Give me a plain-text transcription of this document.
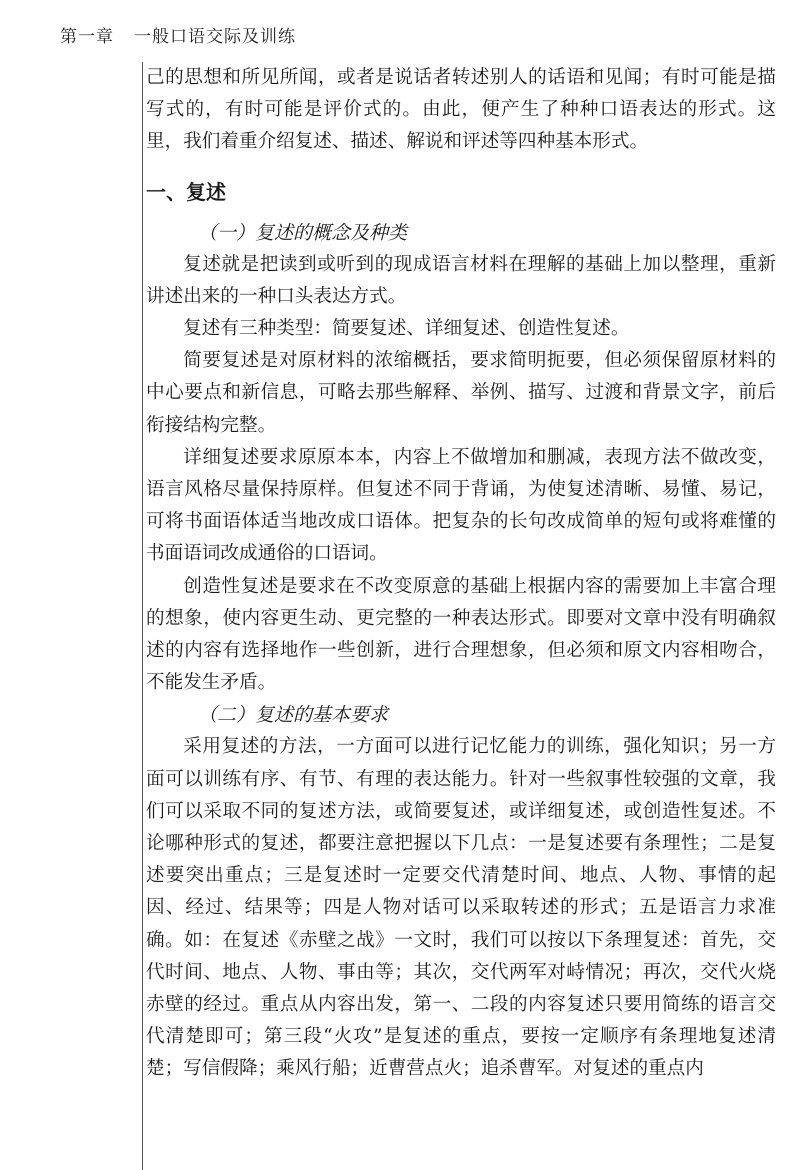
第一章 一般口语交际及训练

己的思想和所见所闻，或者是说话者转述别人的话语和见闻；有时可能是描写式的，有时可能是评价式的。由此，便产生了种种口语表达的形式。这里，我们着重介绍复述、描述、解说和评述等四种基本形式。

一、复述
（一）复述的概念及种类

复述就是把读到或听到的现成语言材料在理解的基础上加以整理，重新讲述出来的一种口头表达方式。

复述有三种类型：简要复述、详细复述、创造性复述。

简要复述是对原材料的浓缩概括，要求简明扼要，但必须保留原材料的中心要点和新信息，可略去那些解释、举例、描写、过渡和背景文字，前后衔接结构完整。

详细复述要求原原本本，内容上不做增加和删减，表现方法不做改变，语言风格尽量保持原样。但复述不同于背诵，为使复述清晰、易懂、易记，可将书面语体适当地改成口语体。把复杂的长句改成简单的短句或将难懂的书面语词改成通俗的口语词。

创造性复述是要求在不改变原意的基础上根据内容的需要加上丰富合理的想象，使内容更生动、更完整的一种表达形式。即要对文章中没有明确叙述的内容有选择地作一些创新，进行合理想象，但必须和原文内容相吻合，不能发生矛盾。

（二）复述的基本要求

采用复述的方法，一方面可以进行记忆能力的训练，强化知识；另一方面可以训练有序、有节、有理的表达能力。针对一些叙事性较强的文章，我们可以采取不同的复述方法，或简要复述，或详细复述，或创造性复述。不论哪种形式的复述，都要注意把握以下几点：一是复述要有条理性；二是复述要突出重点；三是复述时一定要交代清楚时间、地点、人物、事情的起因、经过、结果等；四是人物对话可以采取转述的形式；五是语言力求准确。如：在复述《赤壁之战》一文时，我们可以按以下条理复述：首先，交代时间、地点、人物、事由等；其次，交代两军对峙情况；再次，交代火烧赤壁的经过。重点从内容出发，第一、二段的内容复述只要用简练的语言交代清楚即可；第三段“火攻”是复述的重点，要按一定顺序有条理地复述清楚；写信假降；乘风行船；近曹营点火；追杀曹军。对复述的重点内
